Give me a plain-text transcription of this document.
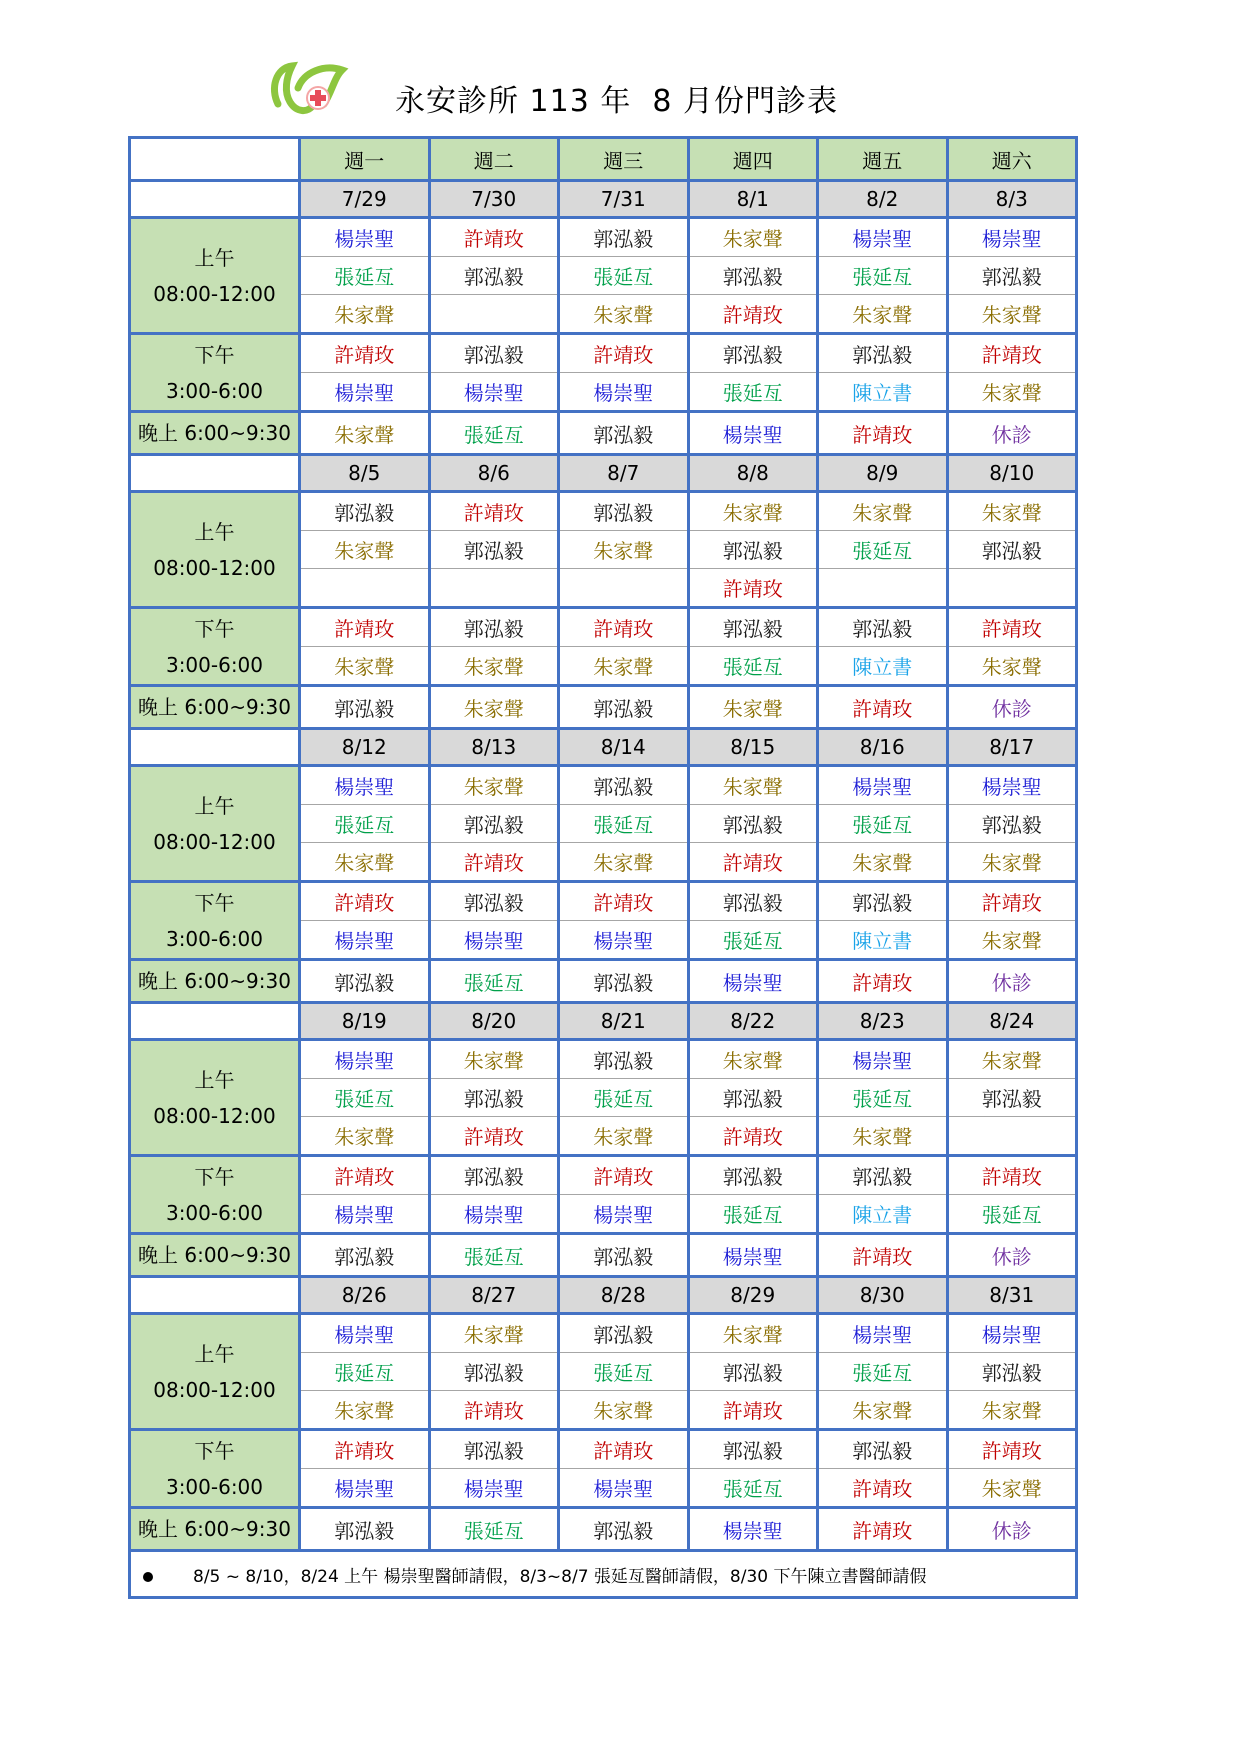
永安診所 113 年  8 月份門診表
	週一	週二	週三	週四	週五	週六
	7/29	7/30	7/31	8/1	8/2	8/3

上午
08:00-12:00	楊崇聖	許靖玫	郭泓毅	朱家聲	楊崇聖	楊崇聖
	張延亙	郭泓毅	張延亙	郭泓毅	張延亙	郭泓毅
	朱家聲		朱家聲	許靖玫	朱家聲	朱家聲

下午
3:00-6:00	許靖玫	郭泓毅	許靖玫	郭泓毅	郭泓毅	許靖玫
	楊崇聖	楊崇聖	楊崇聖	張延亙	陳立書	朱家聲
晚上 6:00~9:30	朱家聲	張延亙	郭泓毅	楊崇聖	許靖玫	休診
	8/5	8/6	8/7	8/8	8/9	8/10

上午
08:00-12:00	郭泓毅	許靖玫	郭泓毅	朱家聲	朱家聲	朱家聲
	朱家聲	郭泓毅	朱家聲	郭泓毅	張延亙	郭泓毅
				許靖玫		

下午
3:00-6:00	許靖玫	郭泓毅	許靖玫	郭泓毅	郭泓毅	許靖玫
	朱家聲	朱家聲	朱家聲	張延亙	陳立書	朱家聲
晚上 6:00~9:30	郭泓毅	朱家聲	郭泓毅	朱家聲	許靖玫	休診
	8/12	8/13	8/14	8/15	8/16	8/17

上午
08:00-12:00	楊崇聖	朱家聲	郭泓毅	朱家聲	楊崇聖	楊崇聖
	張延亙	郭泓毅	張延亙	郭泓毅	張延亙	郭泓毅
	朱家聲	許靖玫	朱家聲	許靖玫	朱家聲	朱家聲

下午
3:00-6:00	許靖玫	郭泓毅	許靖玫	郭泓毅	郭泓毅	許靖玫
	楊崇聖	楊崇聖	楊崇聖	張延亙	陳立書	朱家聲
晚上 6:00~9:30	郭泓毅	張延亙	郭泓毅	楊崇聖	許靖玫	休診
	8/19	8/20	8/21	8/22	8/23	8/24

上午
08:00-12:00	楊崇聖	朱家聲	郭泓毅	朱家聲	楊崇聖	朱家聲
	張延亙	郭泓毅	張延亙	郭泓毅	張延亙	郭泓毅
	朱家聲	許靖玫	朱家聲	許靖玫	朱家聲	

下午
3:00-6:00	許靖玫	郭泓毅	許靖玫	郭泓毅	郭泓毅	許靖玫
	楊崇聖	楊崇聖	楊崇聖	張延亙	陳立書	張延亙
晚上 6:00~9:30	郭泓毅	張延亙	郭泓毅	楊崇聖	許靖玫	休診
	8/26	8/27	8/28	8/29	8/30	8/31

上午
08:00-12:00	楊崇聖	朱家聲	郭泓毅	朱家聲	楊崇聖	楊崇聖
	張延亙	郭泓毅	張延亙	郭泓毅	張延亙	郭泓毅
	朱家聲	許靖玫	朱家聲	許靖玫	朱家聲	朱家聲

下午
3:00-6:00	許靖玫	郭泓毅	許靖玫	郭泓毅	郭泓毅	許靖玫
	楊崇聖	楊崇聖	楊崇聖	張延亙	許靖玫	朱家聲
晚上 6:00~9:30	郭泓毅	張延亙	郭泓毅	楊崇聖	許靖玫	休診
8/5 ~ 8/10，8/24 上午 楊崇聖醫師請假，8/3~8/7 張延亙醫師請假，8/30 下午陳立書醫師請假						
